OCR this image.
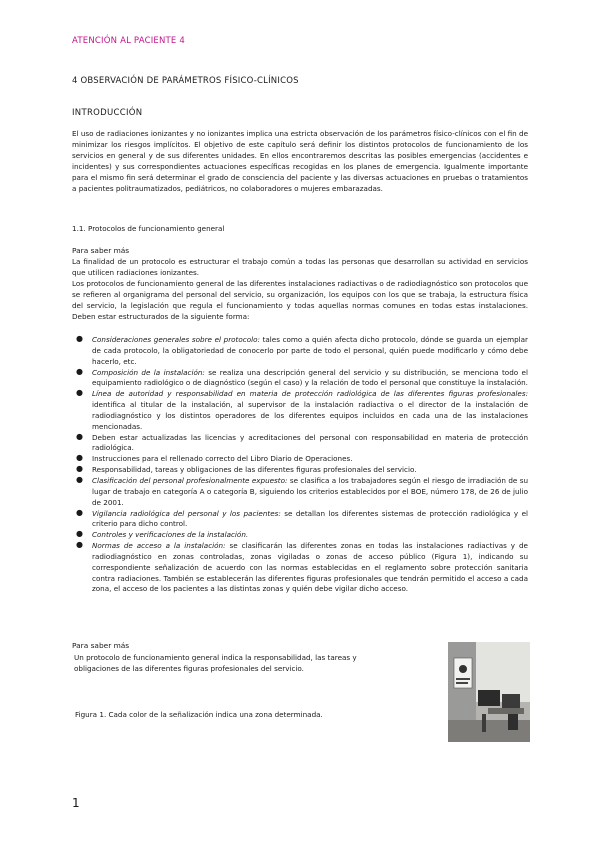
ATENCIÓN AL PACIENTE 4
4 OBSERVACIÓN DE PARÁMETROS FÍSICO-CLÍNICOS
INTRODUCCIÓN
El uso de radiaciones ionizantes y no ionizantes implica una estricta observación de los parámetros físico-clínicos con el fin de minimizar los riesgos implícitos. El objetivo de este capítulo será definir los distintos protocolos de funcionamiento de los servicios en general y de sus diferentes unidades. En ellos encontraremos descritas las posibles emergencias (accidentes e incidentes) y sus correspondientes actuaciones específicas recogidas en los planes de emergencia. Igualmente importante para el mismo fin será determinar el grado de consciencia del paciente y las diversas actuaciones en pruebas o tratamientos a pacientes politraumatizados, pediátricos, no colaboradores o mujeres embarazadas.
1.1. Protocolos de funcionamiento general
Para saber más
La finalidad de un protocolo es estructurar el trabajo común a todas las personas que desarrollan su actividad en servicios que utilicen radiaciones ionizantes.
Los protocolos de funcionamiento general de las diferentes instalaciones radiactivas o de radiodiagnóstico son protocolos que se refieren al organigrama del personal del servicio, su organización, los equipos con los que se trabaja, la estructura física del servicio, la legislación que regula el funcionamiento y todas aquellas normas comunes en todas estas instalaciones. Deben estar estructurados de la siguiente forma:
● Consideraciones generales sobre el protocolo: tales como a quién afecta dicho protocolo, dónde se guarda un ejemplar de cada protocolo, la obligatoriedad de conocerlo por parte de todo el personal, quién puede modificarlo y cómo debe hacerlo, etc.
● Composición de la instalación: se realiza una descripción general del servicio y su distribución, se menciona todo el equipamiento radiológico o de diagnóstico (según el caso) y la relación de todo el personal que constituye la instalación.
● Línea de autoridad y responsabilidad en materia de protección radiológica de las diferentes figuras profesionales: identifica al titular de la instalación, al supervisor de la instalación radiactiva o el director de la instalación de radiodiagnóstico y los distintos operadores de los diferentes equipos incluidos en cada una de las instalaciones mencionadas.
● Deben estar actualizadas las licencias y acreditaciones del personal con responsabilidad en materia de protección radiológica.
● Instrucciones para el rellenado correcto del Libro Diario de Operaciones.
● Responsabilidad, tareas y obligaciones de las diferentes figuras profesionales del servicio.
● Clasificación del personal profesionalmente expuesto: se clasifica a los trabajadores según el riesgo de irradiación de su lugar de trabajo en categoría A o categoría B, siguiendo los criterios establecidos por el BOE, número 178, de 26 de julio de 2001.
● Vigilancia radiológica del personal y los pacientes: se detallan los diferentes sistemas de protección radiológica y el criterio para dicho control.
● Controles y verificaciones de la instalación.
● Normas de acceso a la instalación: se clasificarán las diferentes zonas en todas las instalaciones radiactivas y de radiodiagnóstico en zonas controladas, zonas vigiladas o zonas de acceso público (Figura 1), indicando su correspondiente señalización de acuerdo con las normas establecidas en el reglamento sobre protección sanitaria contra radiaciones. También se establecerán las diferentes figuras profesionales que tendrán permitido el acceso a cada zona, el acceso de los pacientes a las distintas zonas y quién debe vigilar dicho acceso.
Para saber más
Un protocolo de funcionamiento general indica la responsabilidad, las tareas y obligaciones de las diferentes figuras profesionales del servicio.
Figura 1. Cada color de la señalización indica una zona determinada.
1
